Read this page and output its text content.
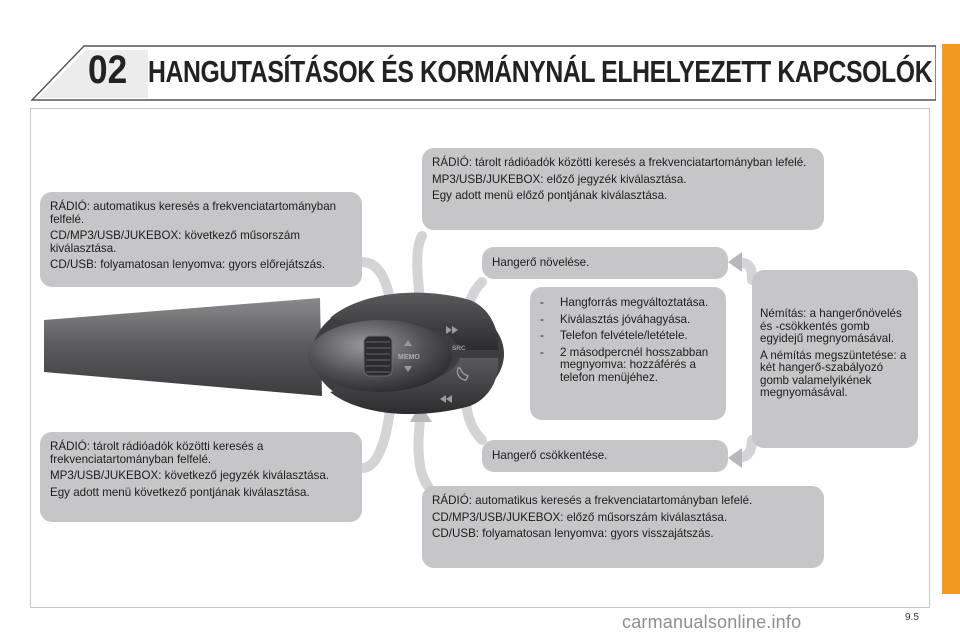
02 HANGUTASÍTÁSOK ÉS KORMÁNYNÁL ELHELYEZETT KAPCSOLÓK
MEMO
SRC

RÁDIÓ: automatikus keresés a frekvenciatartományban felfelé.

CD/MP3/USB/JUKEBOX: következő műsorszám kiválasztása.

CD/USB: folyamatosan lenyomva: gyors előrejátszás.

RÁDIÓ: tárolt rádióadók közötti keresés a frekvenciatartományban felfelé.

MP3/USB/JUKEBOX: következő jegyzék kiválasztása.

Egy adott menü következő pontjának kiválasztása.

RÁDIÓ: tárolt rádióadók közötti keresés a frekvenciatartományban lefelé.

MP3/USB/JUKEBOX: előző jegyzék kiválasztása.

Egy adott menü előző pontjának kiválasztása.

RÁDIÓ: automatikus keresés a frekvenciatartományban lefelé.

CD/MP3/USB/JUKEBOX: előző műsorszám kiválasztása.

CD/USB: folyamatosan lenyomva: gyors visszajátszás.

Hangerő növelése.

Hangerő csökkentése.

-	Hangforrás megváltoztatása.
-	Kiválasztás jóváhagyása.
-	Telefon felvétele/letétele.
-	2 másodpercnél hosszabban megnyomva: hozzáférés a telefon menüjéhez.

Némítás: a hangerőnövelés és -csökkentés gomb egyidejű megnyomásával.

A némítás megszüntetése: a két hangerő-szabályozó gomb valamelyikének megnyomásával.

carmanualsonline.info	9.5
